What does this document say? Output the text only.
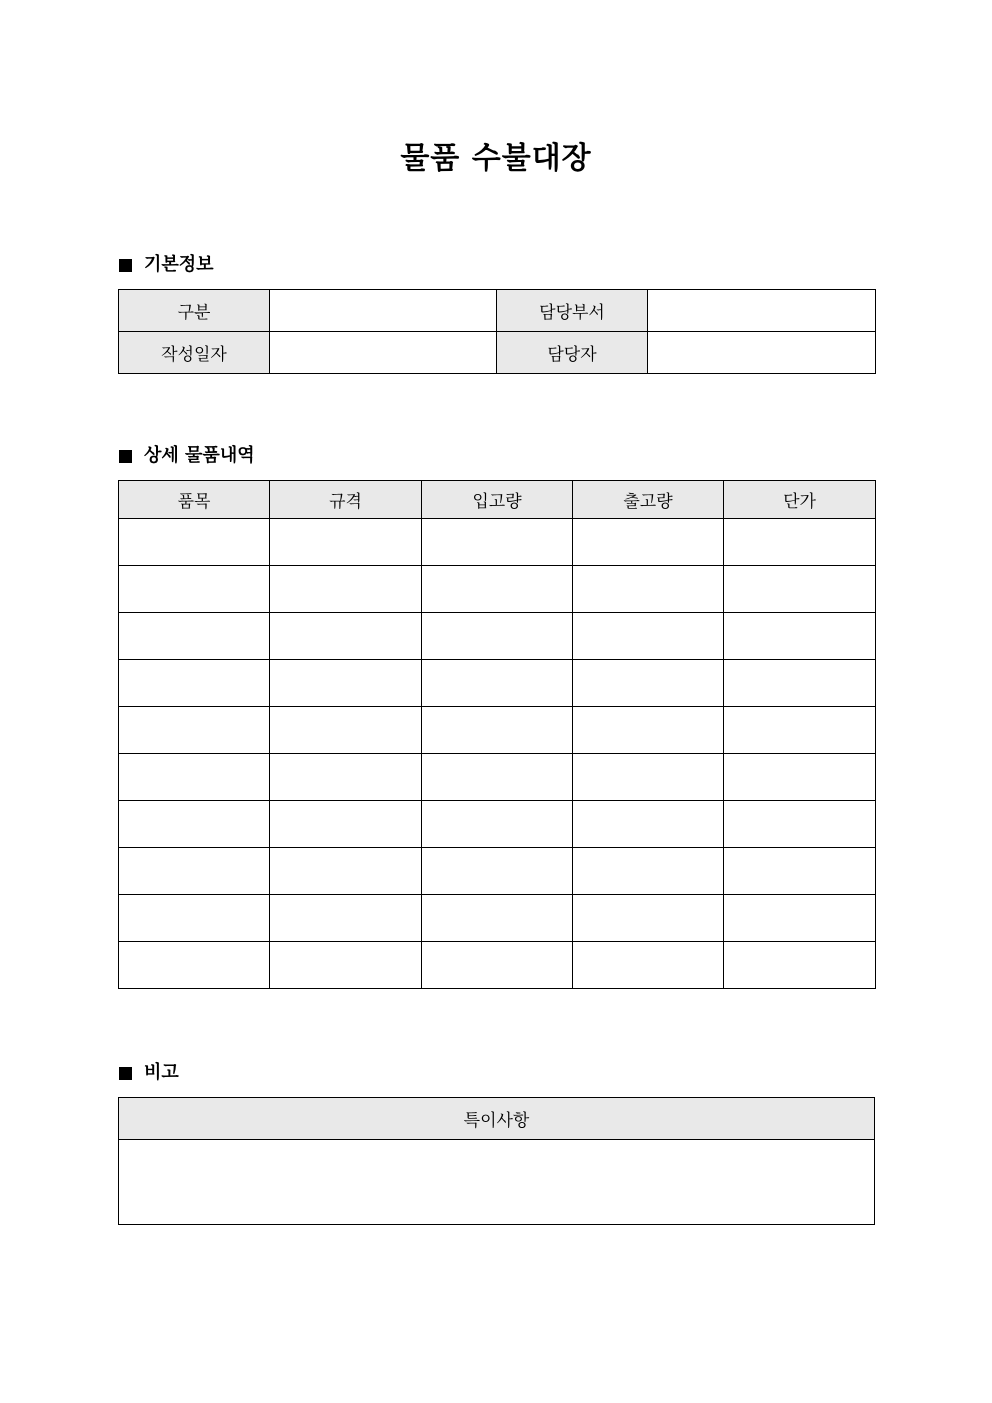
물품 수불대장
기본정보
구분		담당부서	
작성일자		담당자	
상세 물품내역
품목	규격	입고량	출고량	단가

비고
특이사항
